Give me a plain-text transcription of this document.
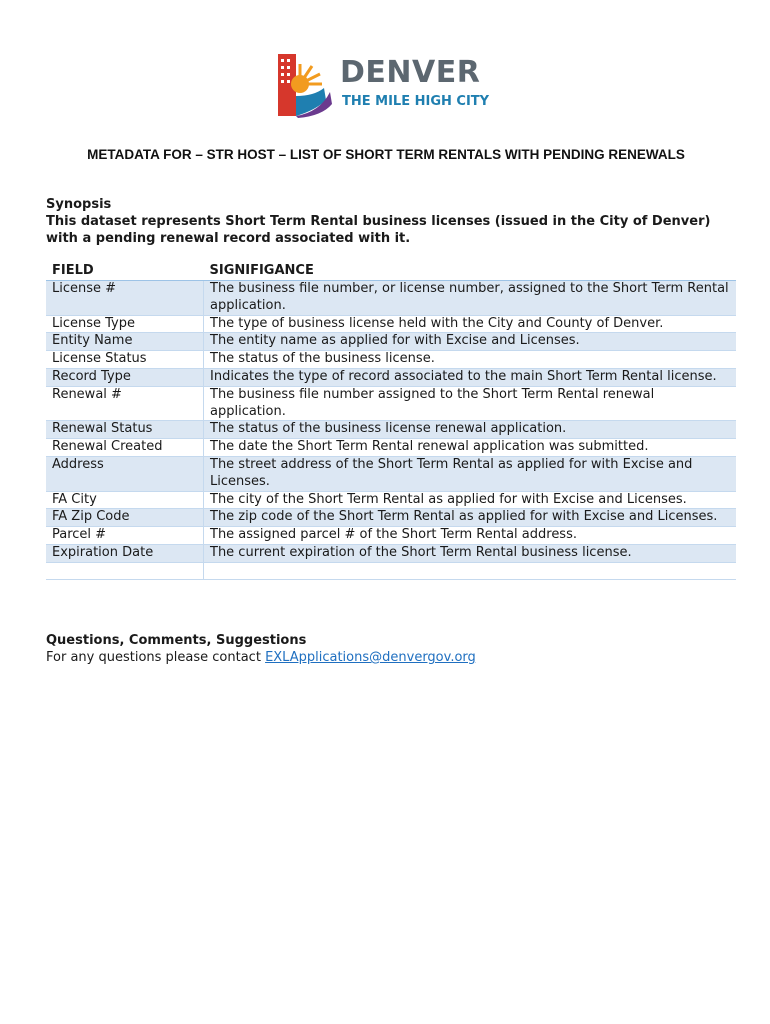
DENVER
THE MILE HIGH CITY
METADATA FOR – STR HOST – LIST OF SHORT TERM RENTALS WITH PENDING RENEWALS
Synopsis
This dataset represents Short Term Rental business licenses (issued in the City of Denver) with a pending renewal record associated with it.
FIELD	SIGNIFIGANCE
License #	The business file number, or license number, assigned to the Short Term Rental application.
License Type	The type of business license held with the City and County of Denver.
Entity Name	The entity name as applied for with Excise and Licenses.
License Status	The status of the business license.
Record Type	Indicates the type of record associated to the main Short Term Rental license.
Renewal #	The business file number assigned to the Short Term Rental renewal application.
Renewal Status	The status of the business license renewal application.
Renewal Created	The date the Short Term Rental renewal application was submitted.
Address	The street address of the Short Term Rental as applied for with Excise and Licenses.
FA City	The city of the Short Term Rental as applied for with Excise and Licenses.
FA Zip Code	The zip code of the Short Term Rental as applied for with Excise and Licenses.
Parcel #	The assigned parcel # of the Short Term Rental address.
Expiration Date	The current expiration of the Short Term Rental business license.

Questions, Comments, Suggestions
For any questions please contact EXLApplications@denvergov.org
